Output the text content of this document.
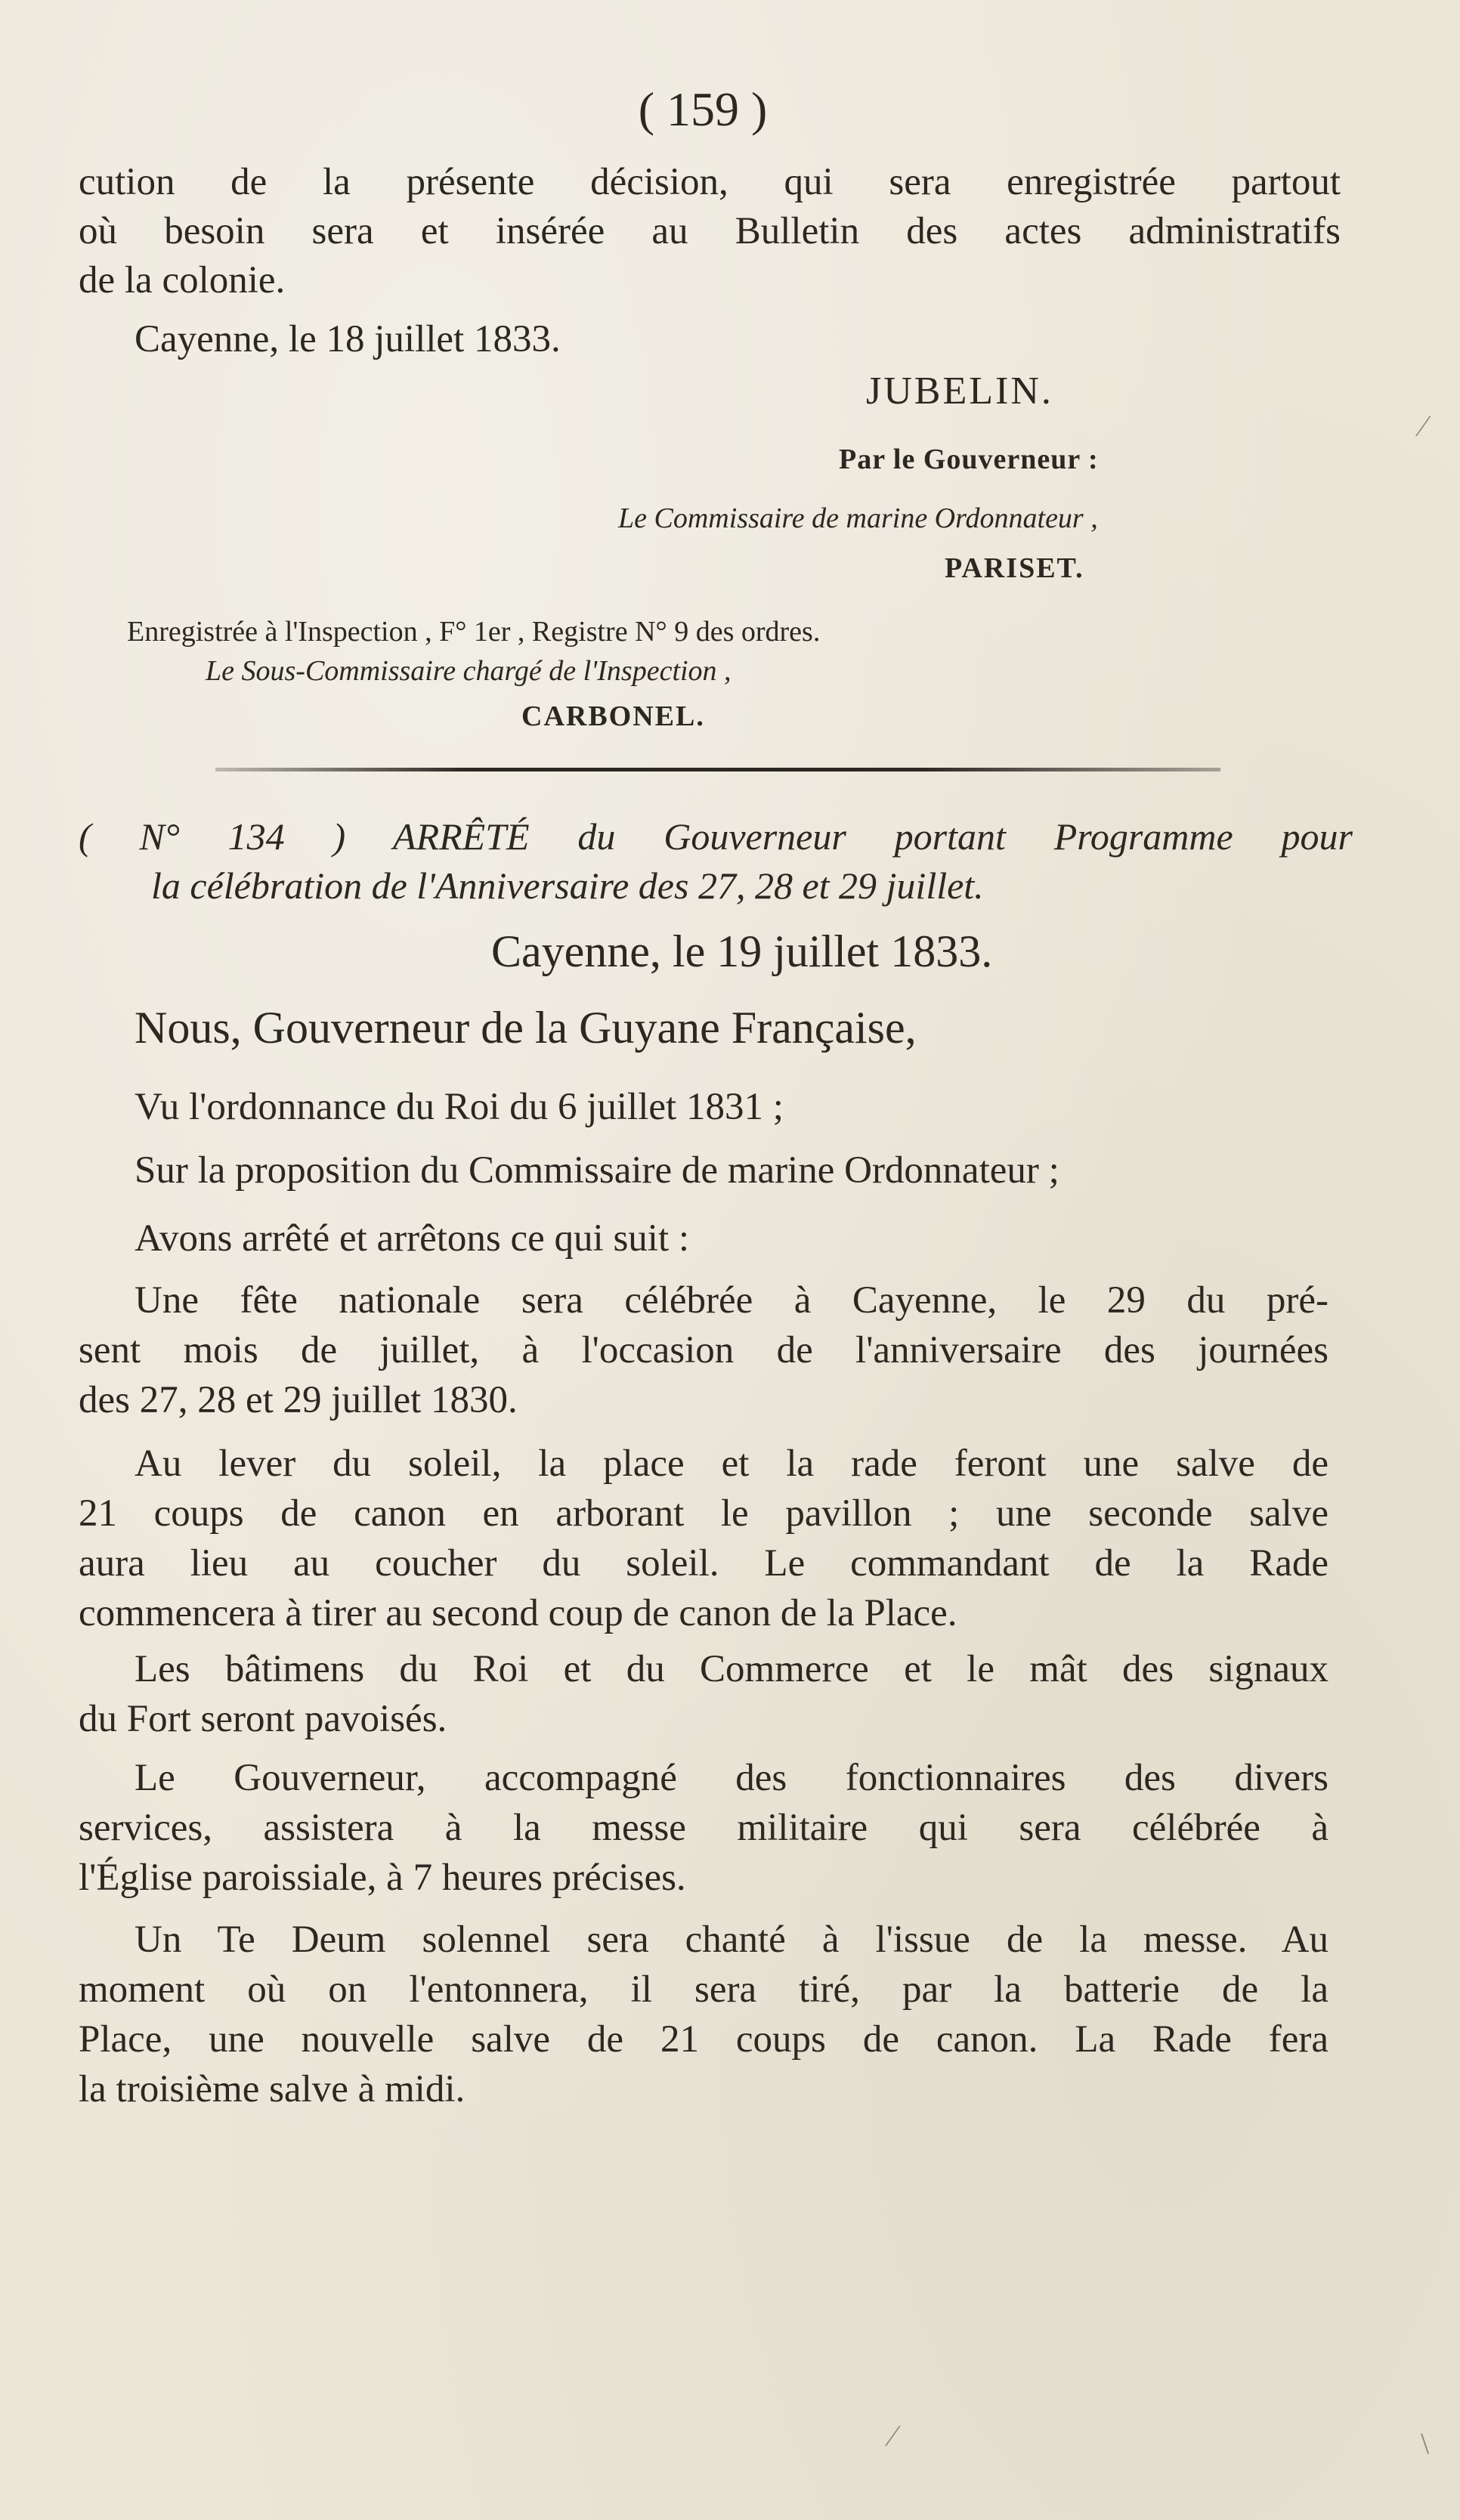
( 159 )
cution de la présente décision, qui sera enregistrée partout
où besoin sera et insérée au Bulletin des actes administratifs
de la colonie.
Cayenne, le 18 juillet 1833.
JUBELIN.
Par le Gouverneur :
Le Commissaire de marine Ordonnateur ,
PARISET.
Enregistrée à l'Inspection , F° 1er , Registre N° 9 des ordres.
Le Sous-Commissaire chargé de l'Inspection ,
CARBONEL.
( N° 134 ) ARRÊTÉ du Gouverneur portant Programme pour
la célébration de l'Anniversaire des 27, 28 et 29 juillet.
Cayenne, le 19 juillet 1833.
Nous, Gouverneur de la Guyane Française,
Vu l'ordonnance du Roi du 6 juillet 1831 ;
Sur la proposition du Commissaire de marine Ordonnateur ;
Avons arrêté et arrêtons ce qui suit :
Une fête nationale sera célébrée à Cayenne, le 29 du pré-
sent mois de juillet, à l'occasion de l'anniversaire des journées
des 27, 28 et 29 juillet 1830.
Au lever du soleil, la place et la rade feront une salve de
21 coups de canon en arborant le pavillon ; une seconde salve
aura lieu au coucher du soleil. Le commandant de la Rade
commencera à tirer au second coup de canon de la Place.
Les bâtimens du Roi et du Commerce et le mât des signaux
du Fort seront pavoisés.
Le Gouverneur, accompagné des fonctionnaires des divers
services, assistera à la messe militaire qui sera célébrée à
l'Église paroissiale, à 7 heures précises.
Un Te Deum solennel sera chanté à l'issue de la messe. Au
moment où on l'entonnera, il sera tiré, par la batterie de la
Place, une nouvelle salve de 21 coups de canon. La Rade fera
la troisième salve à midi.
⁄
⁄	\
